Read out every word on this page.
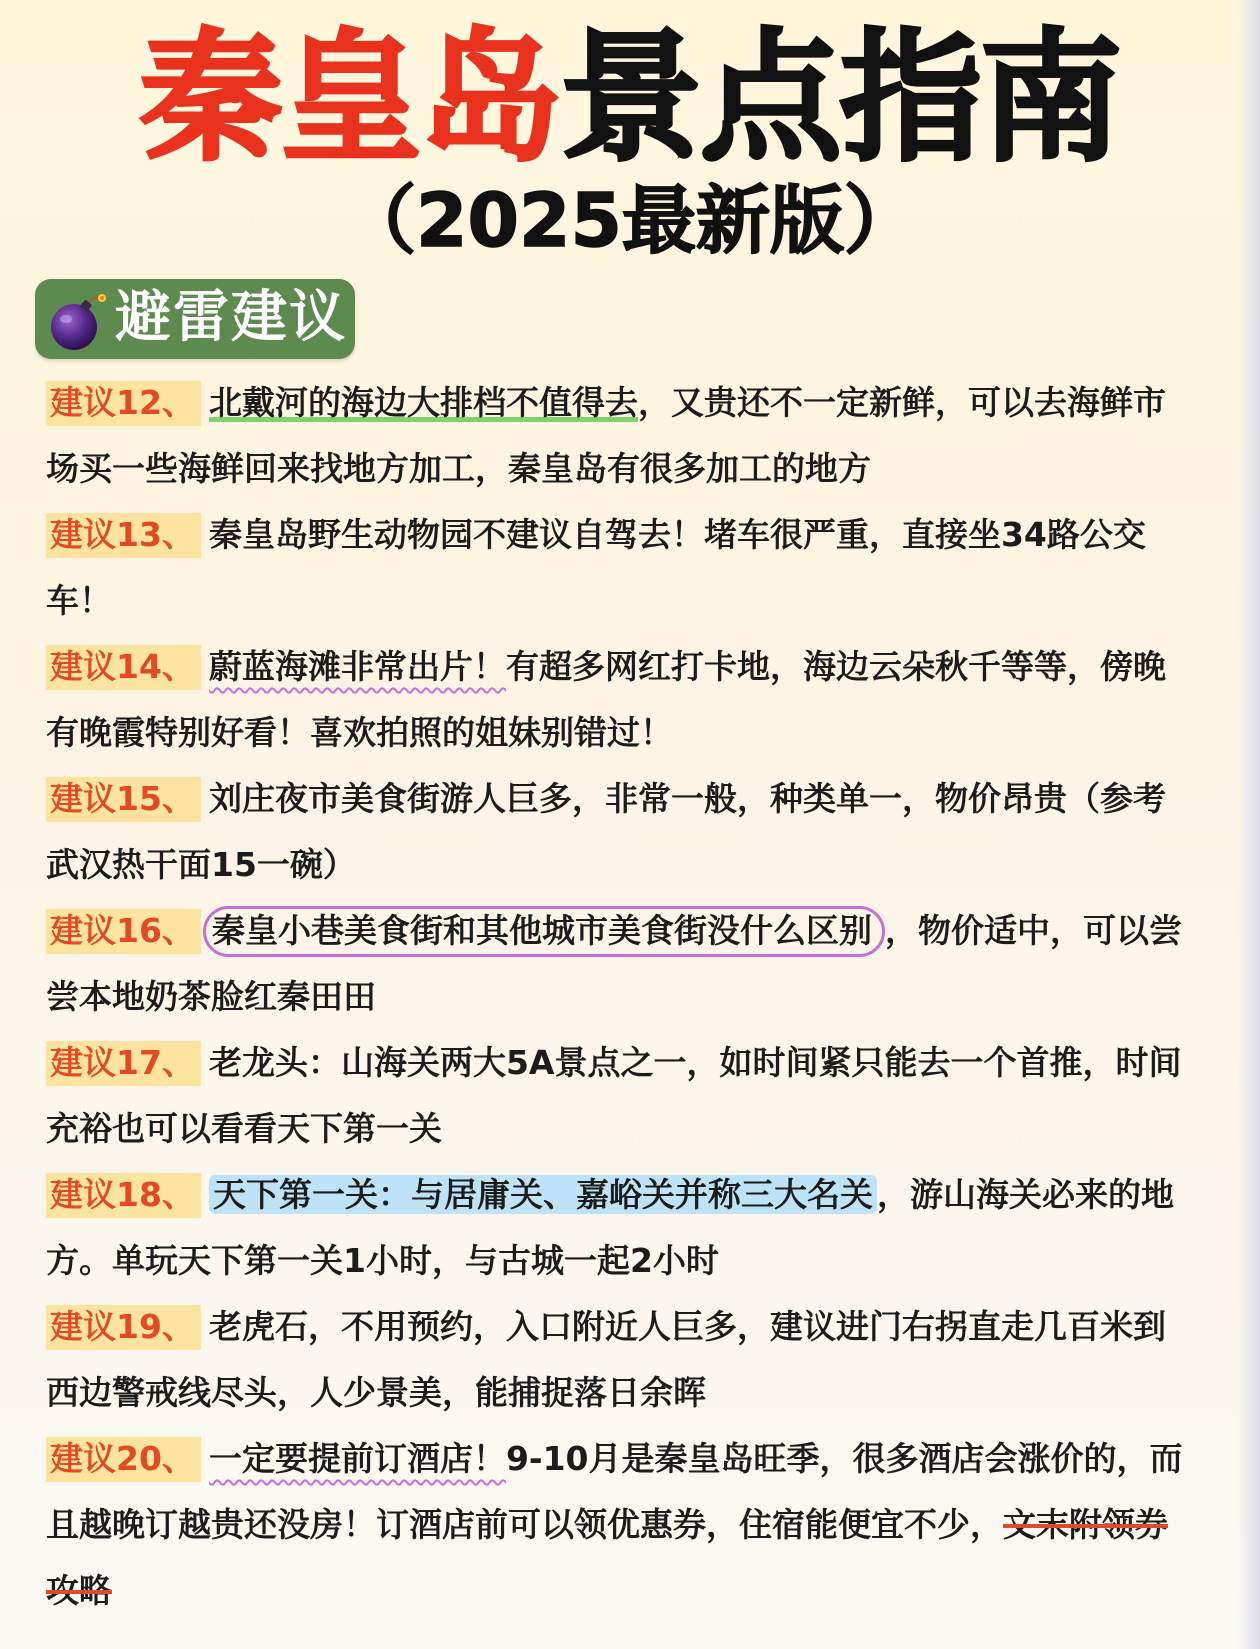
秦皇岛景点指南
（2025最新版）
避雷建议

建议12、 北戴河的海边大排档不值得去，又贵还不一定新鲜，可以去海鲜市场买一些海鲜回来找地方加工，秦皇岛有很多加工的地方

建议13、 秦皇岛野生动物园不建议自驾去！堵车很严重，直接坐34路公交车！

建议14、 蔚蓝海滩非常出片！有超多网红打卡地，海边云朵秋千等等，傍晚有晚霞特别好看！喜欢拍照的姐妹别错过！

建议15、 刘庄夜市美食街游人巨多，非常一般，种类单一，物价昂贵（参考武汉热干面15一碗）

建议16、 秦皇小巷美食街和其他城市美食街没什么区别 ，物价适中，可以尝尝本地奶茶脸红秦田田

建议17、 老龙头：山海关两大5A景点之一，如时间紧只能去一个首推，时间充裕也可以看看天下第一关

建议18、 天下第一关：与居庸关、嘉峪关并称三大名关 ，游山海关必来的地方。单玩天下第一关1小时，与古城一起2小时

建议19、 老虎石，不用预约，入口附近人巨多，建议进门右拐直走几百米到西边警戒线尽头，人少景美，能捕捉落日余晖

建议20、 一定要提前订酒店！9-10月是秦皇岛旺季，很多酒店会涨价的，而且越晚订越贵还没房！订酒店前可以领优惠券，住宿能便宜不少，文末附领券攻略
